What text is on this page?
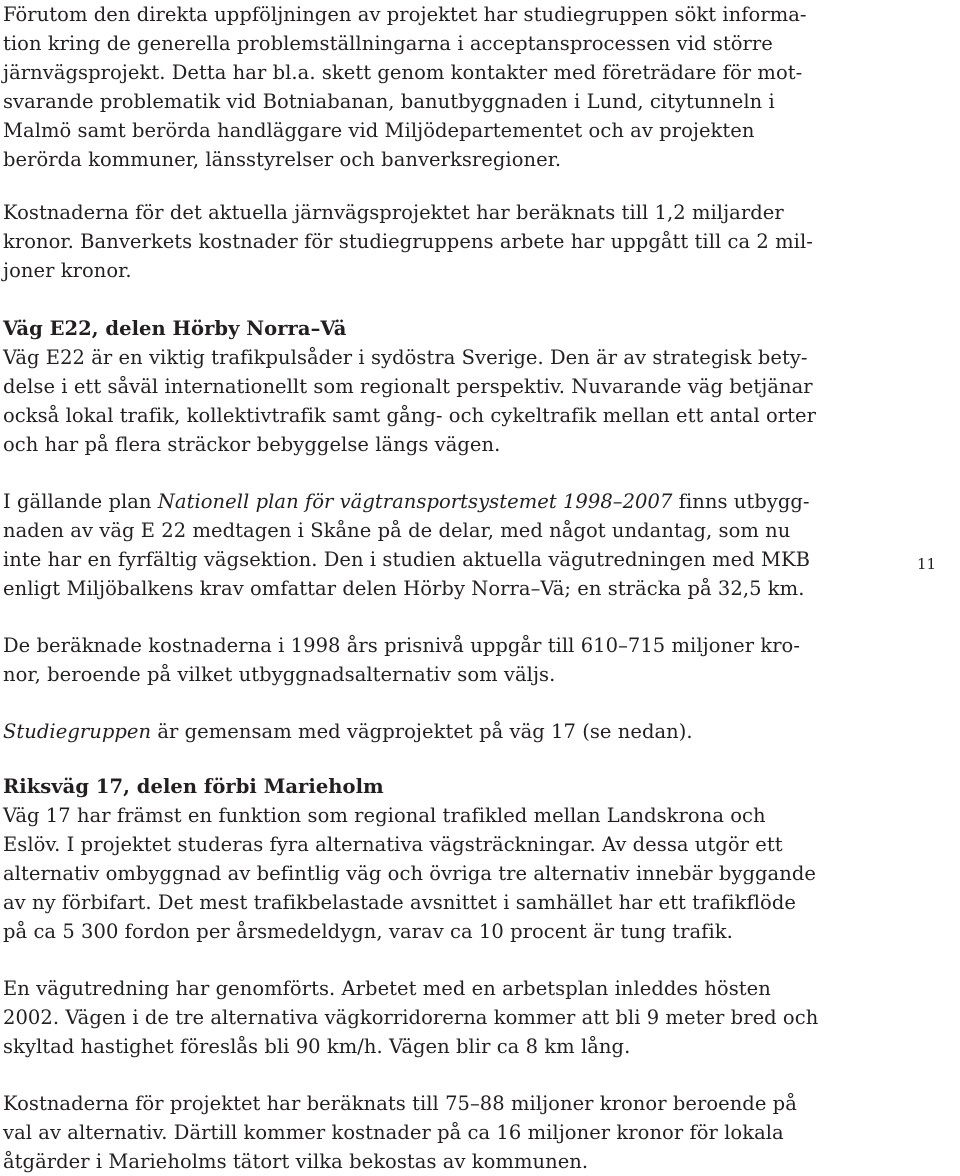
Förutom den direkta uppföljningen av projektet har studiegruppen sökt informa-
tion kring de generella problemställningarna i acceptansprocessen vid större
järnvägsprojekt. Detta har bl.a. skett genom kontakter med företrädare för mot-
svarande problematik vid Botniabanan, banutbyggnaden i Lund, citytunneln i
Malmö samt berörda handläggare vid Miljödepartementet och av projekten
berörda kommuner, länsstyrelser och banverksregioner.
Kostnaderna för det aktuella järnvägsprojektet har beräknats till 1,2 miljarder
kronor. Banverkets kostnader för studiegruppens arbete har uppgått till ca 2 mil-
joner kronor.
Väg E22, delen Hörby Norra–Vä
Väg E22 är en viktig trafikpulsåder i sydöstra Sverige. Den är av strategisk bety-
delse i ett såväl internationellt som regionalt perspektiv. Nuvarande väg betjänar
också lokal trafik, kollektivtrafik samt gång- och cykeltrafik mellan ett antal orter
och har på flera sträckor bebyggelse längs vägen.
I gällande plan Nationell plan för vägtransportsystemet 1998–2007 finns utbygg-
naden av väg E 22 medtagen i Skåne på de delar, med något undantag, som nu
inte har en fyrfältig vägsektion. Den i studien aktuella vägutredningen med MKB
enligt Miljöbalkens krav omfattar delen Hörby Norra–Vä; en sträcka på 32,5 km.
De beräknade kostnaderna i 1998 års prisnivå uppgår till 610–715 miljoner kro-
nor, beroende på vilket utbyggnadsalternativ som väljs.
Studiegruppen är gemensam med vägprojektet på väg 17 (se nedan).
Riksväg 17, delen förbi Marieholm
Väg 17 har främst en funktion som regional trafikled mellan Landskrona och
Eslöv. I projektet studeras fyra alternativa vägsträckningar. Av dessa utgör ett
alternativ ombyggnad av befintlig väg och övriga tre alternativ innebär byggande
av ny förbifart. Det mest trafikbelastade avsnittet i samhället har ett trafikflöde
på ca 5 300 fordon per årsmedeldygn, varav ca 10 procent är tung trafik.
En vägutredning har genomförts. Arbetet med en arbetsplan inleddes hösten
2002. Vägen i de tre alternativa vägkorridorerna kommer att bli 9 meter bred och
skyltad hastighet föreslås bli 90 km/h. Vägen blir ca 8 km lång.
Kostnaderna för projektet har beräknats till 75–88 miljoner kronor beroende på
val av alternativ. Därtill kommer kostnader på ca 16 miljoner kronor för lokala
åtgärder i Marieholms tätort vilka bekostas av kommunen.
11
